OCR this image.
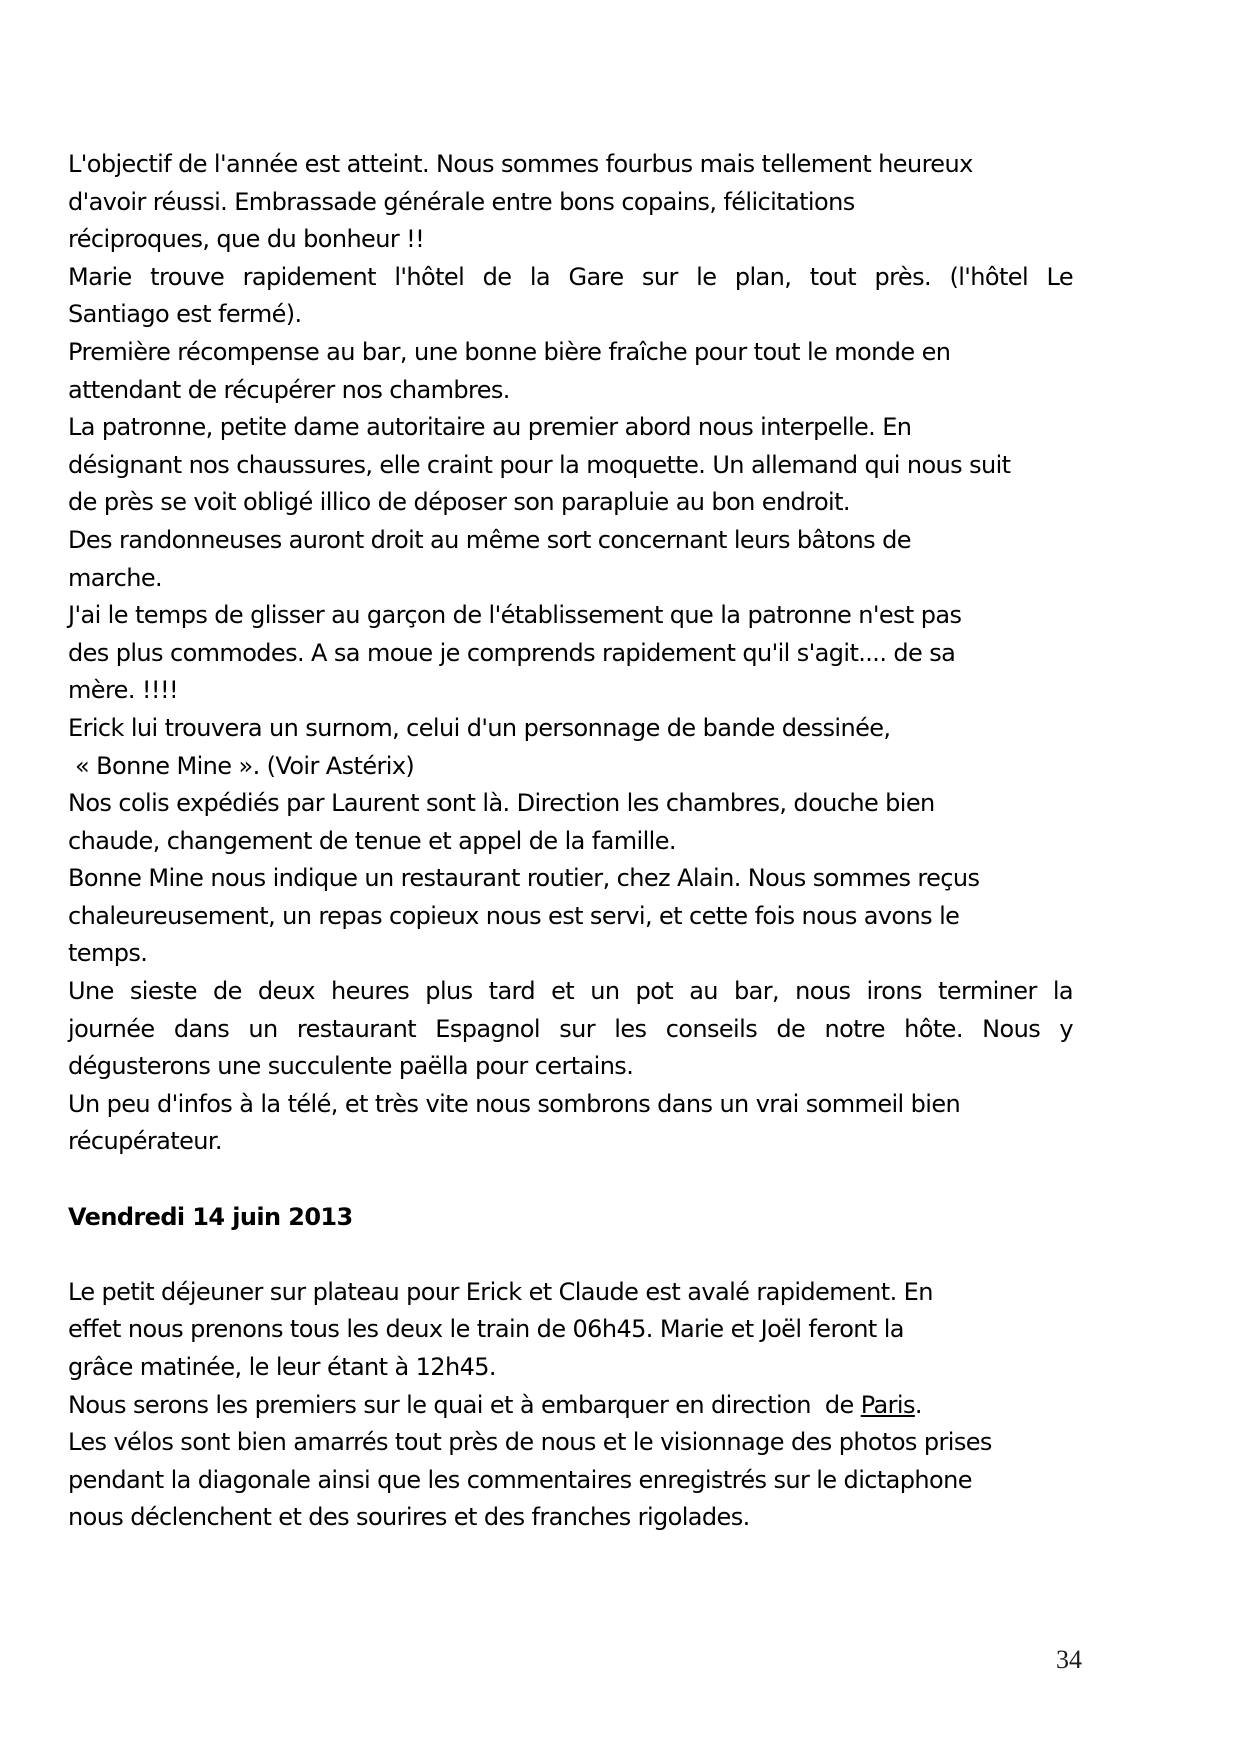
L'objectif de l'année est atteint. Nous sommes fourbus mais tellement heureux
d'avoir réussi. Embrassade générale entre bons copains, félicitations
réciproques, que du bonheur !!
Marie trouve rapidement l'hôtel de la Gare sur le plan, tout près. (l'hôtel Le
Santiago est fermé).
Première récompense au bar, une bonne bière fraîche pour tout le monde en
attendant de récupérer nos chambres.
La patronne, petite dame autoritaire au premier abord nous interpelle. En
désignant nos chaussures, elle craint pour la moquette. Un allemand qui nous suit
de près se voit obligé illico de déposer son parapluie au bon endroit.
Des randonneuses auront droit au même sort concernant leurs bâtons de
marche.
J'ai le temps de glisser au garçon de l'établissement que la patronne n'est pas
des plus commodes. A sa moue je comprends rapidement qu'il s'agit.... de sa
mère. !!!!
Erick lui trouvera un surnom, celui d'un personnage de bande dessinée,
« Bonne Mine ». (Voir Astérix)
Nos colis expédiés par Laurent sont là. Direction les chambres, douche bien
chaude, changement de tenue et appel de la famille.
Bonne Mine nous indique un restaurant routier, chez Alain. Nous sommes reçus
chaleureusement, un repas copieux nous est servi, et cette fois nous avons le
temps.
Une sieste de deux heures plus tard et un pot au bar, nous irons terminer la
journée dans un restaurant Espagnol sur les conseils de notre hôte. Nous y
dégusterons une succulente paëlla pour certains.
Un peu d'infos à la télé, et très vite nous sombrons dans un vrai sommeil bien
récupérateur.
Vendredi 14 juin 2013
Le petit déjeuner sur plateau pour Erick et Claude est avalé rapidement. En
effet nous prenons tous les deux le train de 06h45. Marie et Joël feront la
grâce matinée, le leur étant à 12h45.
Nous serons les premiers sur le quai et à embarquer en direction  de Paris.
Les vélos sont bien amarrés tout près de nous et le visionnage des photos prises
pendant la diagonale ainsi que les commentaires enregistrés sur le dictaphone
nous déclenchent et des sourires et des franches rigolades.
34
